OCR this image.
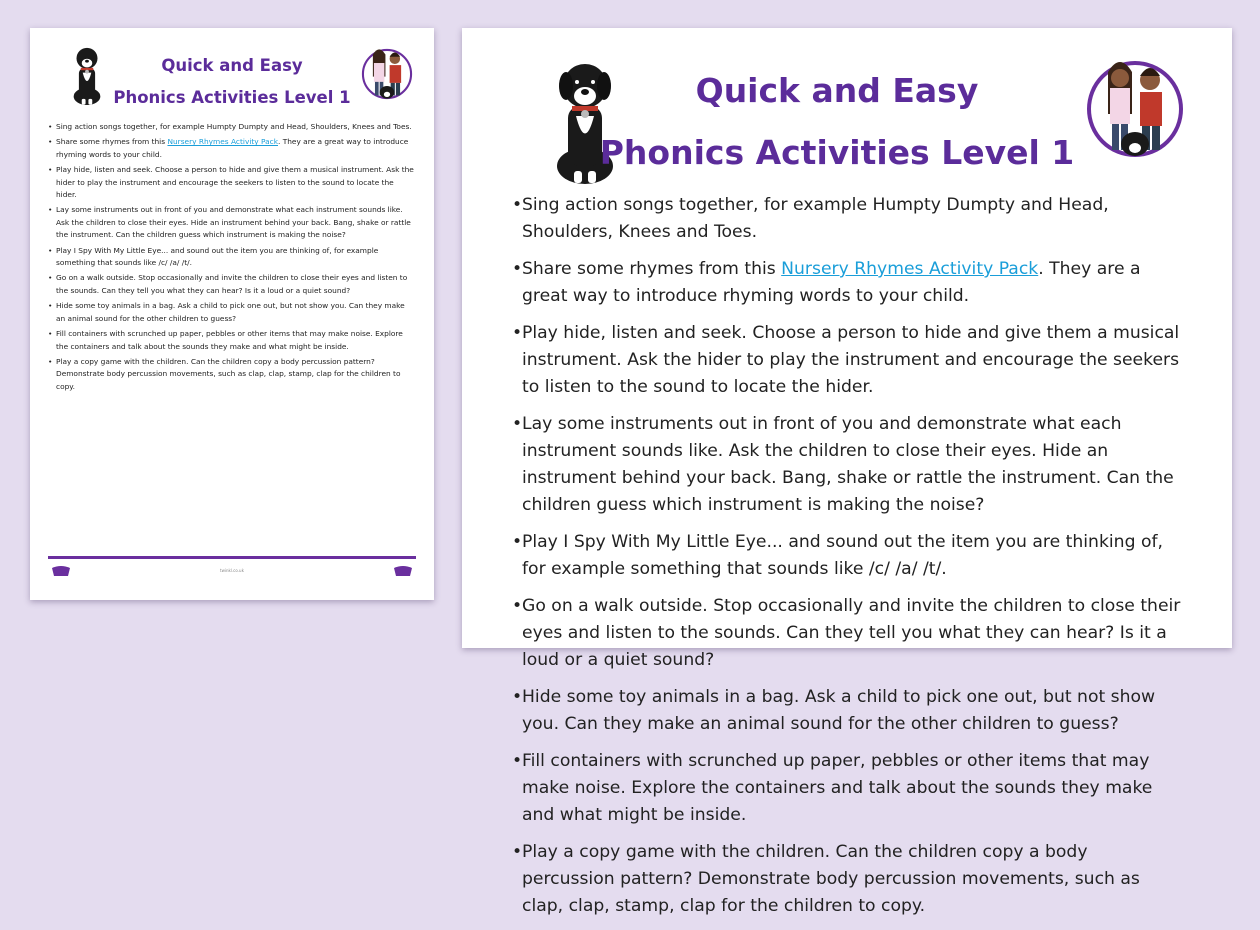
Quick and Easy
Phonics Activities Level 1
• Sing action songs together, for example Humpty Dumpty and Head, Shoulders, Knees and Toes.
• Share some rhymes from this Nursery Rhymes Activity Pack. They are a great way to introduce rhyming words to your child.
• Play hide, listen and seek. Choose a person to hide and give them a musical instrument. Ask the hider to play the instrument and encourage the seekers to listen to the sound to locate the hider.
• Lay some instruments out in front of you and demonstrate what each instrument sounds like. Ask the children to close their eyes. Hide an instrument behind your back. Bang, shake or rattle the instrument. Can the children guess which instrument is making the noise?
• Play I Spy With My Little Eye... and sound out the item you are thinking of, for example something that sounds like /c/ /a/ /t/.
• Go on a walk outside. Stop occasionally and invite the children to close their eyes and listen to the sounds. Can they tell you what they can hear? Is it a loud or a quiet sound?
• Hide some toy animals in a bag. Ask a child to pick one out, but not show you. Can they make an animal sound for the other children to guess?
• Fill containers with scrunched up paper, pebbles or other items that may make noise. Explore the containers and talk about the sounds they make and what might be inside.
• Play a copy game with the children. Can the children copy a body percussion pattern? Demonstrate body percussion movements, such as clap, clap, stamp, clap for the children to copy.
twinkl.co.uk
Quick and Easy
Phonics Activities Level 1
• Sing action songs together, for example Humpty Dumpty and Head, Shoulders, Knees and Toes.
• Share some rhymes from this Nursery Rhymes Activity Pack. They are a great way to introduce rhyming words to your child.
• Play hide, listen and seek. Choose a person to hide and give them a musical instrument. Ask the hider to play the instrument and encourage the seekers to listen to the sound to locate the hider.
• Lay some instruments out in front of you and demonstrate what each instrument sounds like. Ask the children to close their eyes. Hide an instrument behind your back. Bang, shake or rattle the instrument. Can the children guess which instrument is making the noise?
• Play I Spy With My Little Eye... and sound out the item you are thinking of, for example something that sounds like /c/ /a/ /t/.
• Go on a walk outside. Stop occasionally and invite the children to close their eyes and listen to the sounds. Can they tell you what they can hear? Is it a loud or a quiet sound?
• Hide some toy animals in a bag. Ask a child to pick one out, but not show you. Can they make an animal sound for the other children to guess?
• Fill containers with scrunched up paper, pebbles or other items that may make noise. Explore the containers and talk about the sounds they make and what might be inside.
• Play a copy game with the children. Can the children copy a body percussion pattern? Demonstrate body percussion movements, such as clap, clap, stamp, clap for the children to copy.
